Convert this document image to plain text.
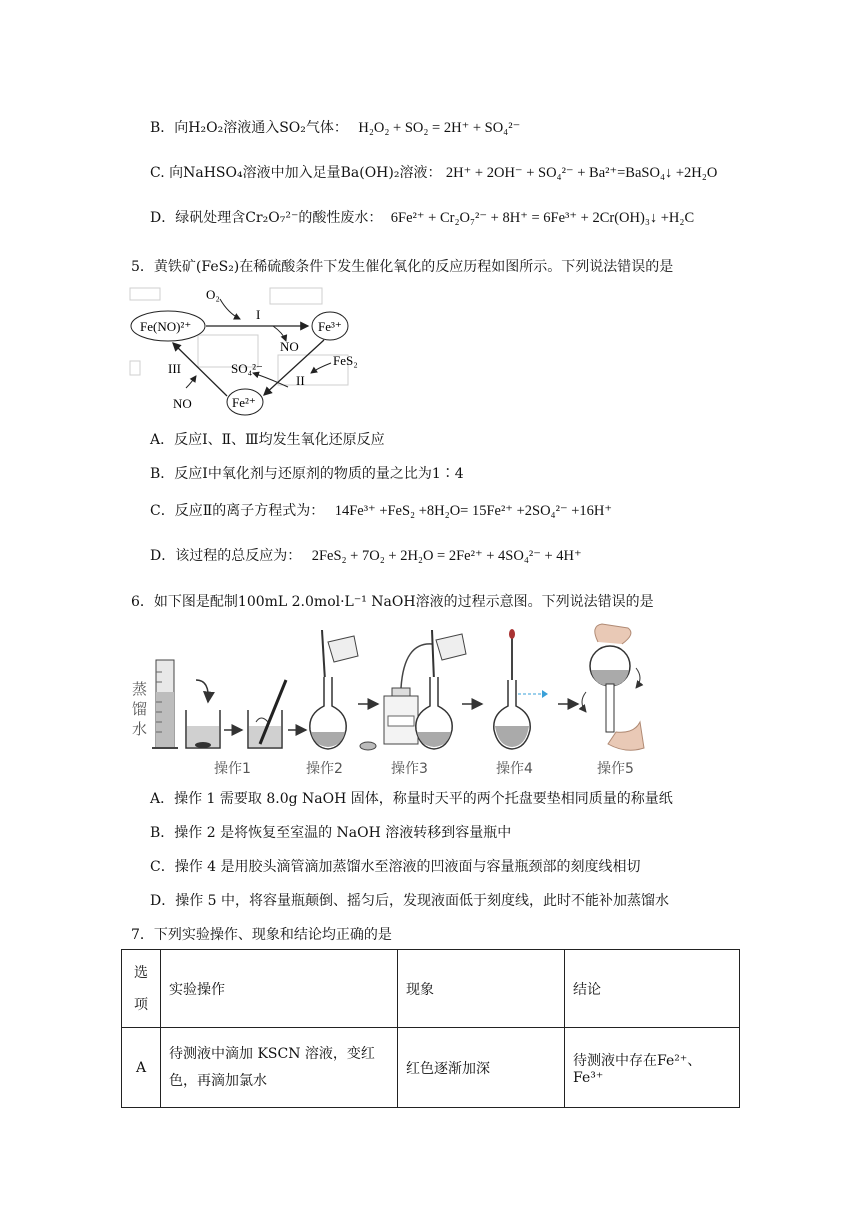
B．向H₂O₂溶液通入SO₂气体： H₂O₂ + SO₂ = 2H⁺ + SO₄²⁻
C. 向NaHSO₄溶液中加入足量Ba(OH)₂溶液： 2H⁺ + 2OH⁻ + SO₄²⁻ + Ba²⁺=BaSO₄↓ +2H₂O
D．绿矾处理含Cr₂O₇²⁻的酸性废水： 6Fe²⁺ + Cr₂O₇²⁻ + 8H⁺ = 6Fe³⁺ + 2Cr(OH)₃↓ +H₂C
5．黄铁矿(FeS₂)在稀硫酸条件下发生催化氧化的反应历程如图所示。下列说法错误的是
Fe(NO)²⁺	Fe³⁺
Fe²⁺
O₂
I
NO
FeS₂
II
SO₄²⁻
III
NO
A．反应Ⅰ、Ⅱ、Ⅲ均发生氧化还原反应
B．反应Ⅰ中氧化剂与还原剂的物质的量之比为1∶4
C．反应Ⅱ的离子方程式为： 14Fe³⁺ +FeS₂ +8H₂O= 15Fe²⁺ +2SO₄²⁻ +16H⁺
D．该过程的总反应为： 2FeS₂ + 7O₂ + 2H₂O = 2Fe²⁺ + 4SO₄²⁻ + 4H⁺
6．如下图是配制100mL 2.0mol·L⁻¹ NaOH溶液的过程示意图。下列说法错误的是
蒸馏水
操作1	操作2	操作3	操作4	操作5
A．操作 1 需要取 8.0g NaOH 固体，称量时天平的两个托盘要垫相同质量的称量纸
B．操作 2 是将恢复至室温的 NaOH 溶液转移到容量瓶中
C．操作 4 是用胶头滴管滴加蒸馏水至溶液的凹液面与容量瓶颈部的刻度线相切
D．操作 5 中，将容量瓶颠倒、摇匀后，发现液面低于刻度线，此时不能补加蒸馏水
7．下列实验操作、现象和结论均正确的是
选项	实验操作	现象	结论
A	待测液中滴加 KSCN 溶液，变红色，再滴加氯水	红色逐渐加深	待测液中存在Fe²⁺、Fe³⁺
